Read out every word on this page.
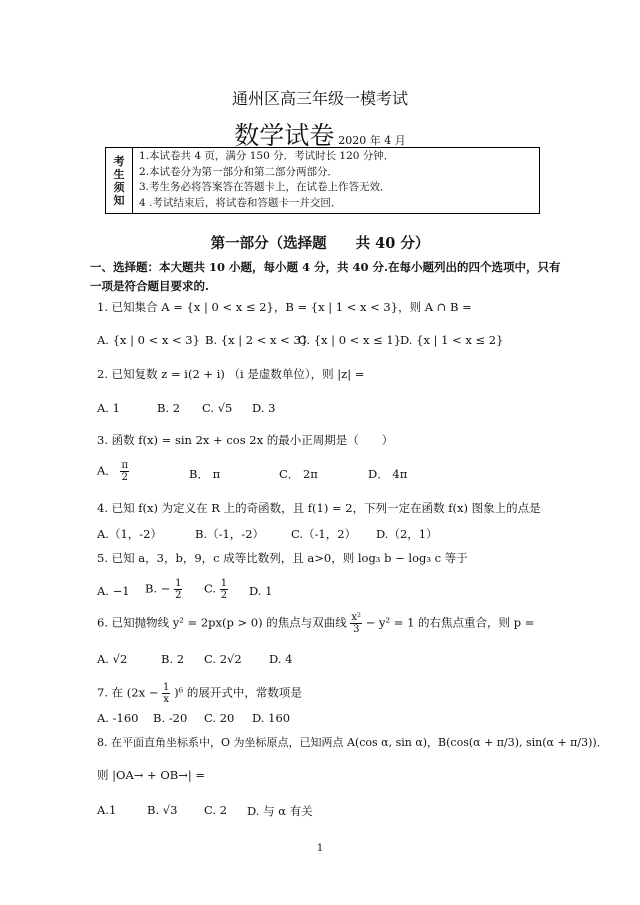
通州区高三年级一模考试
数学试卷 2020 年 4 月
考
生
须
知
1.本试卷共 4 页，满分 150 分．考试时长 120 分钟．
2.本试卷分为第一部分和第二部分两部分．
3.考生务必将答案答在答题卡上，在试卷上作答无效．
4 .考试结束后，将试卷和答题卡一并交回．
第一部分（选择题　　共 40 分）
一、选择题：本大题共 10 小题，每小题 4 分，共 40 分.在每小题列出的四个选项中，只有
一项是符合题目要求的.
1. 已知集合 A = {x | 0 < x ≤ 2}，B = {x | 1 < x < 3}，则 A ∩ B =
A. {x | 0 < x < 3} B. {x | 2 < x < 3}
C. {x | 0 < x ≤ 1}
D. {x | 1 < x ≤ 2}
2. 已知复数 z = i(2 + i) （i 是虚数单位），则 |z| =
A. 1	B. 2 C. √5 D. 3
3. 函数 f(x) = sin 2x + cos 2x 的最小正周期是（　　）
A． $\frac{\pi}{2}$	B． π	C． 2π	D． 4π
4. 已知 f(x) 为定义在 R 上的奇函数，且 f(1) = 2，下列一定在函数 f(x) 图象上的点是
A.（1，-2）	B.（-1，-2） C.（-1，2） D.（2，1）
5. 已知 a，3，b，9，c 成等比数列，且 a>0，则 log₃ b − log₃ c 等于
A. −1 B. − $\frac{1}{2} C$. $\frac{1}{2} D$. 1
6. 已知抛物线 y² = 2px(p > 0) 的焦点与双曲线 $\frac{\text{x²}}{3} - y^2 = 1$ 的右焦点重合，则 p =
A. √2	B. 2 C. 2√2 D. 4
7. 在 $(2x - \frac{1}{x} )^6$ 的展开式中，常数项是
A. -160 B. -20 C. 20 D. 160
8. 在平面直角坐标系中，O 为坐标原点，已知两点 A(cos α, sin α)，B(cos(α + π/3), sin(α + π/3))．
则 |OA→ + OB→| =
A.1	B. √3 C. 2 D. 与 α 有关
1
